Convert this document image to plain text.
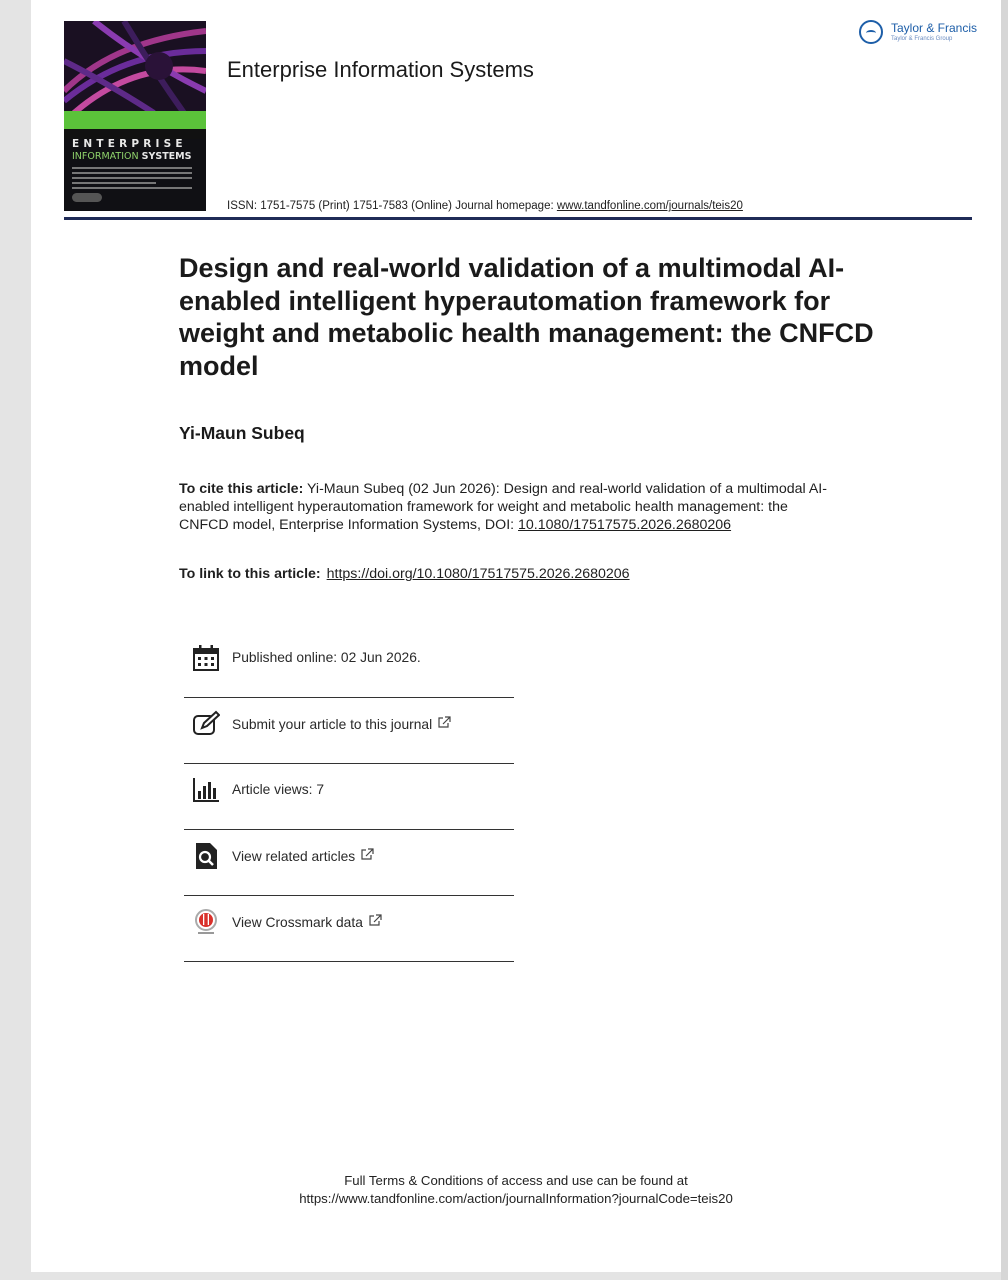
ENTERPRISE
INFORMATION SYSTEMS
Enterprise Information Systems
Taylor & Francis
Taylor & Francis Group
ISSN: 1751-7575 (Print) 1751-7583 (Online) Journal homepage: www.tandfonline.com/journals/teis20
Design and real-world validation of a multimodal AI-enabled intelligent hyperautomation framework for weight and metabolic health management: the CNFCD model
Yi-Maun Subeq
To cite this article: Yi-Maun Subeq (02 Jun 2026): Design and real-world validation of a multimodal AI-enabled intelligent hyperautomation framework for weight and metabolic health management: the CNFCD model, Enterprise Information Systems, DOI: 10.1080/17517575.2026.2680206
To link to this article: https://doi.org/10.1080/17517575.2026.2680206
Published online: 02 Jun 2026.
Submit your article to this journal
Article views: 7
View related articles
View Crossmark data
Full Terms & Conditions of access and use can be found at
https://www.tandfonline.com/action/journalInformation?journalCode=teis20
